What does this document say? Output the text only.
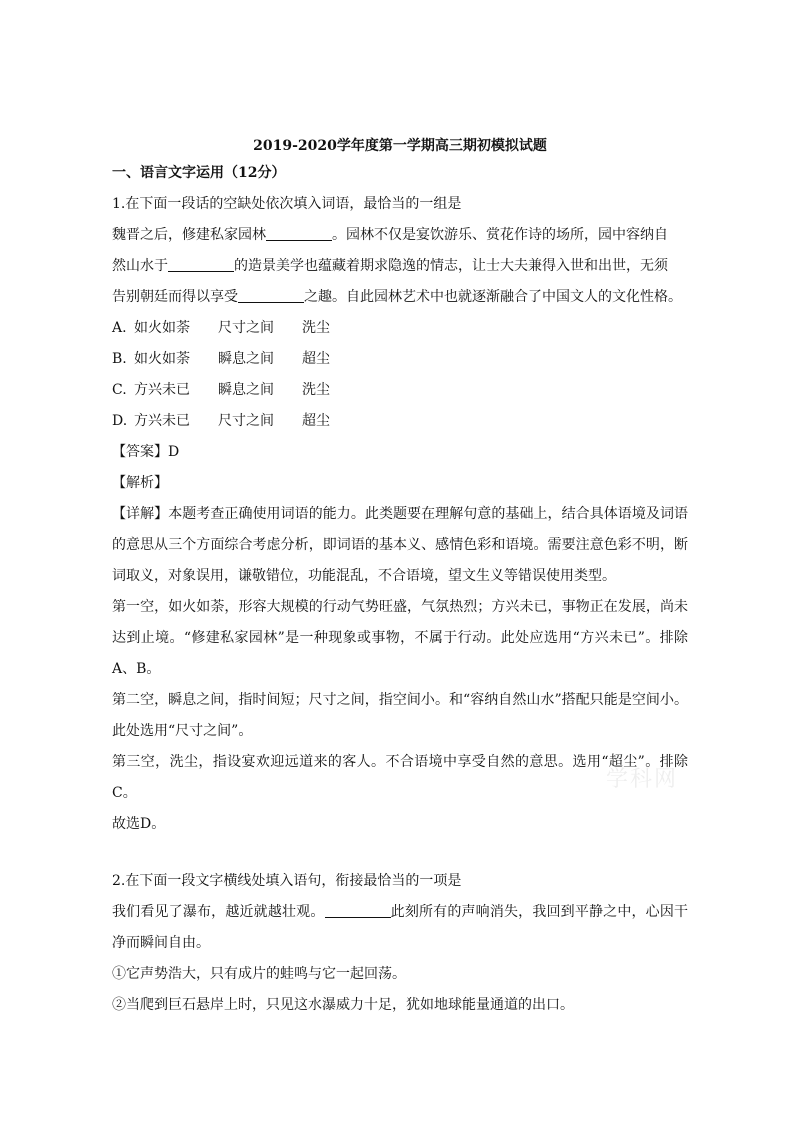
2019-2020学年度第一学期高三期初模拟试题
一、语言文字运用（12分）
1.在下面一段话的空缺处依次填入词语，最恰当的一组是
魏晋之后，修建私家园林	。园林不仅是宴饮游乐、赏花作诗的场所，园中容纳自
然山水于	的造景美学也蕴藏着期求隐逸的情志，让士大夫兼得入世和出世，无须
告别朝廷而得以享受	之趣。自此园林艺术中也就逐渐融合了中国文人的文化性格。
A. 如火如荼	尺寸之间	洗尘
B. 如火如荼	瞬息之间	超尘
C. 方兴未已	瞬息之间	洗尘
D. 方兴未已	尺寸之间	超尘
【答案】D
【解析】
【详解】本题考查正确使用词语的能力。此类题要在理解句意的基础上，结合具体语境及词语的意思从三个方面综合考虑分析，即词语的基本义、感情色彩和语境。需要注意色彩不明，断词取义，对象误用，谦敬错位，功能混乱，不合语境，望文生义等错误使用类型。
第一空，如火如荼，形容大规模的行动气势旺盛，气氛热烈；方兴未已，事物正在发展，尚未达到止境。“修建私家园林”是一种现象或事物，不属于行动。此处应选用“方兴未已”。排除A、B。
第二空，瞬息之间，指时间短；尺寸之间，指空间小。和“容纳自然山水”搭配只能是空间小。此处选用“尺寸之间”。
第三空，洗尘，指设宴欢迎远道来的客人。不合语境中享受自然的意思。选用“超尘”。排除C。
故选D。
2.在下面一段文字横线处填入语句，衔接最恰当的一项是
我们看见了瀑布，越近就越壮观。	此刻所有的声响消失，我回到平静之中，心因干净而瞬间自由。
①它声势浩大，只有成片的蛙鸣与它一起回荡。
②当爬到巨石悬岸上时，只见这水瀑威力十足，犹如地球能量通道的出口。
学科网
